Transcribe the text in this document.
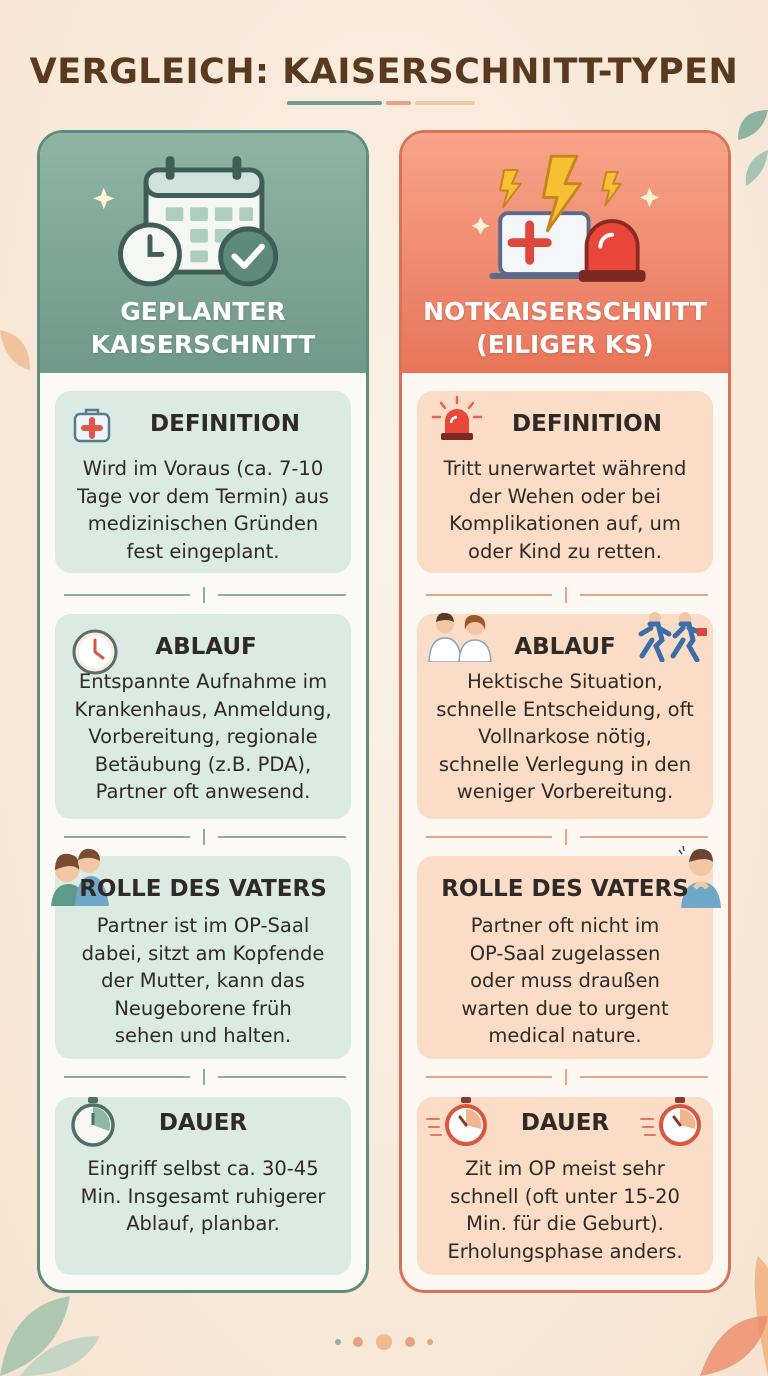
VERGLEICH: KAISERSCHNITT-TYPEN
GEPLANTER
KAISERSCHNITT
DEFINITION
Wird im Voraus (ca. 7-10
Tage vor dem Termin) aus
medizinischen Gründen
fest eingeplant.
ABLAUF
Entspannte Aufnahme im
Krankenhaus, Anmeldung,
Vorbereitung, regionale
Betäubung (z.B. PDA),
Partner oft anwesend.
ROLLE DES VATERS
Partner ist im OP-Saal
dabei, sitzt am Kopfende
der Mutter, kann das
Neugeborene früh
sehen und halten.
DAUER
Eingriff selbst ca. 30-45
Min. Insgesamt ruhigerer
Ablauf, planbar.
NOTKAISERSCHNITT
(EILIGER KS)
DEFINITION
Tritt unerwartet während
der Wehen oder bei
Komplikationen auf, um
oder Kind zu retten.
ABLAUF
Hektische Situation,
schnelle Entscheidung, oft
Vollnarkose nötig,
schnelle Verlegung in den
weniger Vorbereitung.
ROLLE DES VATERS
Partner oft nicht im
OP-Saal zugelassen
oder muss draußen
warten due to urgent
medical nature.
DAUER
Zit im OP meist sehr
schnell (oft unter 15-20
Min. für die Geburt).
Erholungsphase anders.
